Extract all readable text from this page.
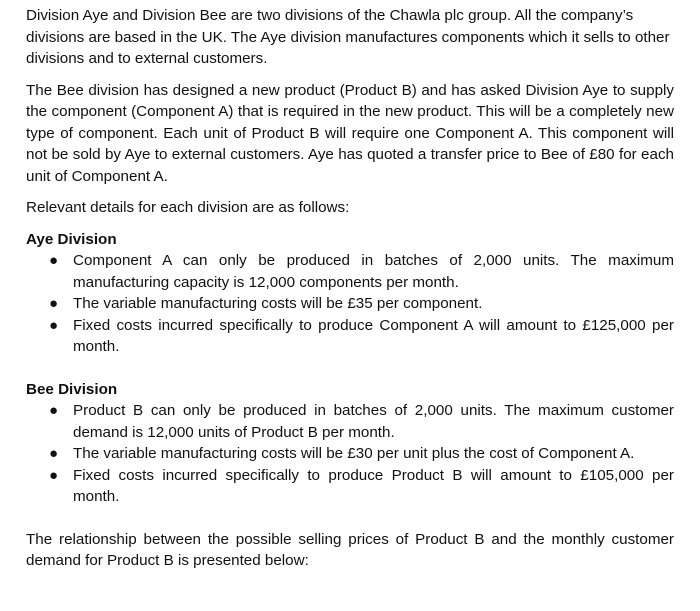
Division Aye and Division Bee are two divisions of the Chawla plc group. All the company’s divisions are based in the UK. The Aye division manufactures components which it sells to other divisions and to external customers.

The Bee division has designed a new product (Product B) and has asked Division Aye to supply the component (Component A) that is required in the new product. This will be a completely new type of component. Each unit of Product B will require one Component A. This component will not be sold by Aye to external customers. Aye has quoted a transfer price to Bee of £80 for each unit of Component A.

Relevant details for each division are as follows:

Aye Division
● Component A can only be produced in batches of 2,000 units. The maximum manufacturing capacity is 12,000 components per month.
● The variable manufacturing costs will be £35 per component.
● Fixed costs incurred specifically to produce Component A will amount to £125,000 per month.
Bee Division
● Product B can only be produced in batches of 2,000 units. The maximum customer demand is 12,000 units of Product B per month.
● The variable manufacturing costs will be £30 per unit plus the cost of Component A.
● Fixed costs incurred specifically to produce Product B will amount to £105,000 per month.

The relationship between the possible selling prices of Product B and the monthly customer demand for Product B is presented below:
